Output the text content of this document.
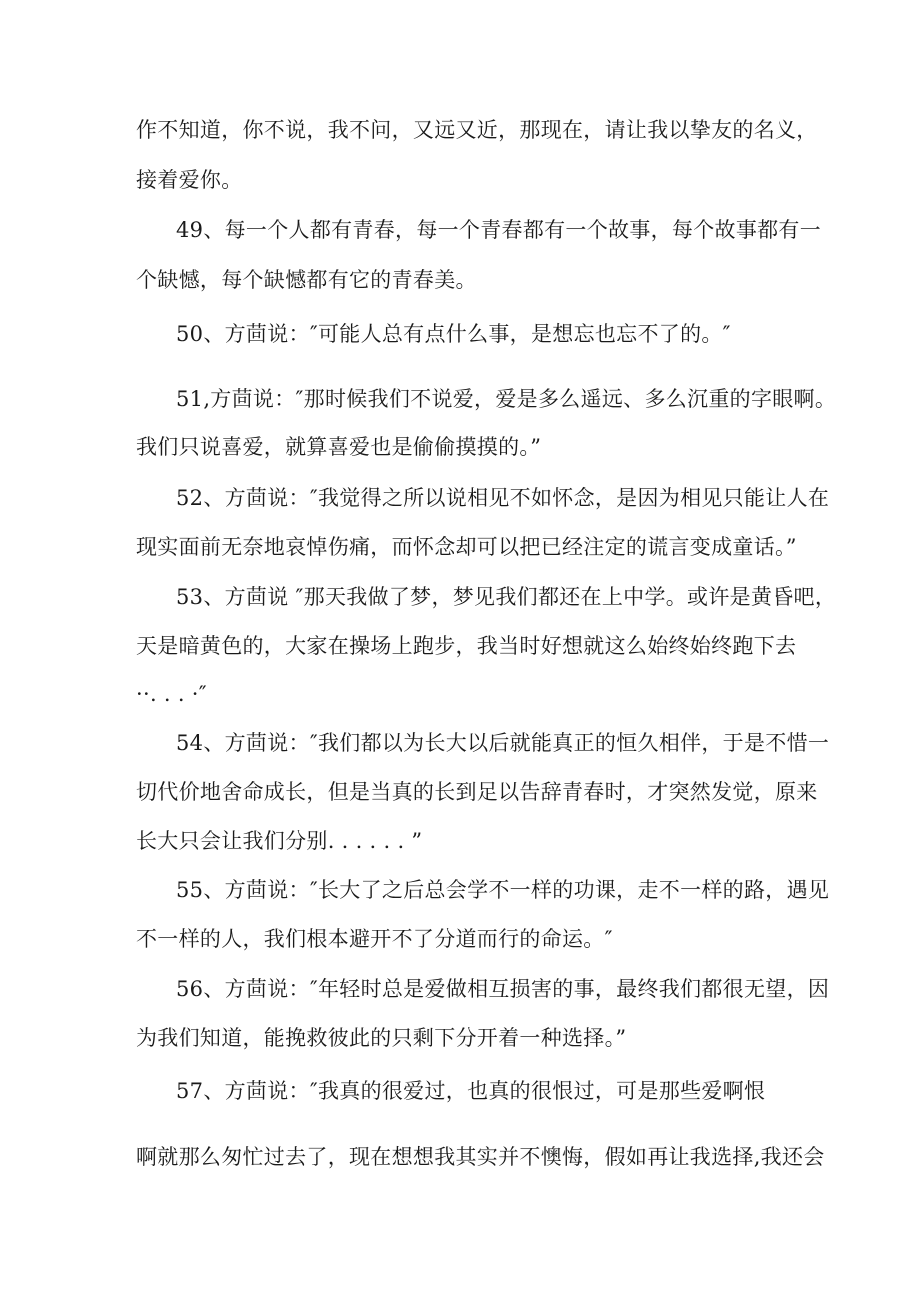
作不知道，你不说，我不问，又远又近，那现在，请让我以挚友的名义，
接着爱你。
49、每一个人都有青春，每一个青春都有一个故事，每个故事都有一
个缺憾，每个缺憾都有它的青春美。
50、方茴说：″可能人总有点什么事，是想忘也忘不了的。″
51,方茴说：″那时候我们不说爱，爱是多么遥远、多么沉重的字眼啊。
我们只说喜爱，就算喜爱也是偷偷摸摸的。”
52、方茴说：″我觉得之所以说相见不如怀念，是因为相见只能让人在
现实面前无奈地哀悼伤痛，而怀念却可以把已经注定的谎言变成童话。”
53、方茴说 ″那天我做了梦，梦见我们都还在上中学。或许是黄昏吧，
天是暗黄色的，大家在操场上跑步，我当时好想就这么始终始终跑下去
··. . . ·″
54、方茴说：″我们都以为长大以后就能真正的恒久相伴，于是不惜一
切代价地舍命成长，但是当真的长到足以告辞青春时，才突然发觉，原来
长大只会让我们分别. . . . . . ”
55、方茴说：″长大了之后总会学不一样的功课，走不一样的路，遇见
不一样的人，我们根本避开不了分道而行的命运。″
56、方茴说：″年轻时总是爱做相互损害的事，最终我们都很无望，因
为我们知道，能挽救彼此的只剩下分开着一种选择。”
57、方茴说：″我真的很爱过，也真的很恨过，可是那些爱啊恨
啊就那么匆忙过去了，现在想想我其实并不懊悔，假如再让我选择,我还会
